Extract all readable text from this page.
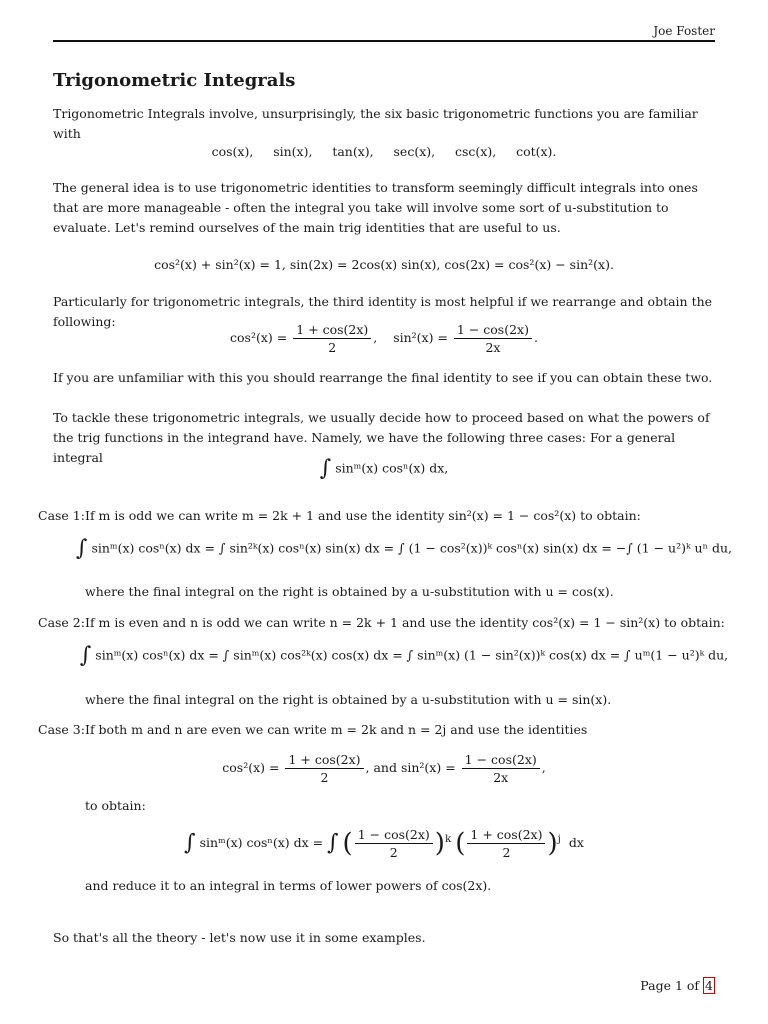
Joe Foster
Trigonometric Integrals
Trigonometric Integrals involve, unsurprisingly, the six basic trigonometric functions you are familiar with
cos(x), sin(x), tan(x), sec(x), csc(x), cot(x).
The general idea is to use trigonometric identities to transform seemingly difficult integrals into ones that are more manageable - often the integral you take will involve some sort of u-substitution to evaluate. Let's remind ourselves of the main trig identities that are useful to us.
cos²(x) + sin²(x) = 1, sin(2x) = 2cos(x) sin(x), cos(2x) = cos²(x) − sin²(x).
Particularly for trigonometric integrals, the third identity is most helpful if we rearrange and obtain the following:
$\cos^2(x) = \frac{1 + \cos(2x)}{2}$ , $\sin^2(x) = \frac{1 - \cos(2x)}{2x}$ .
If you are unfamiliar with this you should rearrange the final identity to see if you can obtain these two.
To tackle these trigonometric integrals, we usually decide how to proceed based on what the powers of the trig functions in the integrand have. Namely, we have the following three cases: For a general integral	∫ sinᵐ(x) cosⁿ(x) dx,
Case 1: If m is odd we can write m = 2k + 1 and use the identity sin²(x) = 1 − cos²(x) to obtain:
∫ sinᵐ(x) cosⁿ(x) dx = ∫ sin²ᵏ(x) cosⁿ(x) sin(x) dx = ∫ (1 − cos²(x))ᵏ cosⁿ(x) sin(x) dx = −∫ (1 − u²)ᵏ uⁿ du,
where the final integral on the right is obtained by a u-substitution with u = cos(x).
Case 2: If m is even and n is odd we can write n = 2k + 1 and use the identity cos²(x) = 1 − sin²(x) to obtain:
∫ sinᵐ(x) cosⁿ(x) dx = ∫ sinᵐ(x) cos²ᵏ(x) cos(x) dx = ∫ sinᵐ(x) (1 − sin²(x))ᵏ cos(x) dx = ∫ uᵐ(1 − u²)ᵏ du,
where the final integral on the right is obtained by a u-substitution with u = sin(x).
Case 3: If both m and n are even we can write m = 2k and n = 2j and use the identities
$\cos^2(x) = \frac{1 + \cos(2x)}{2}$ , and $\sin^2(x) = \frac{1 - \cos(2x)}{2x}$ ,
to obtain:
∫ sinᵐ(x) cosⁿ(x) dx = ∫ ( $\frac{1 - \cos(2x)}{2} )^k$ ( $\frac{1 + \cos(2x)}{2} )^j$ dx
and reduce it to an integral in terms of lower powers of cos(2x).
So that's all the theory - let's now use it in some examples.
Page 1 of 4
